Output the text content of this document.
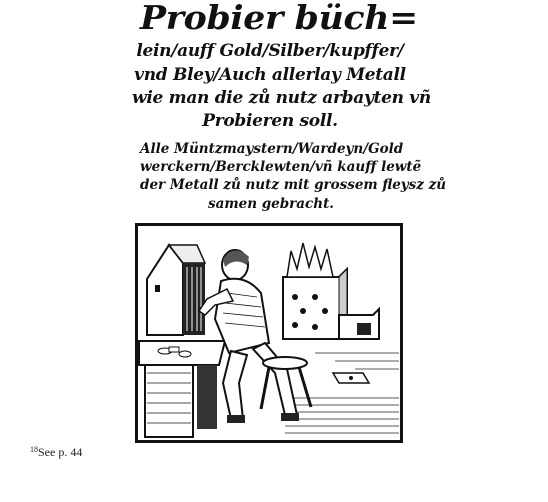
Probier büch=
lein/auff Gold/Silber/kupffer/
vnd Bley/Auch allerlay Metall
wie man die zů nutz arbayten vñ
Probieren soll.
Alle Müntzmaystern/Wardeyn/Gold
werckern/Bercklewten/vñ kauff lewtẽ
der Metall zů nutz mit grossem fleysz zů
samen gebracht.
$^{18}$See p. 44
